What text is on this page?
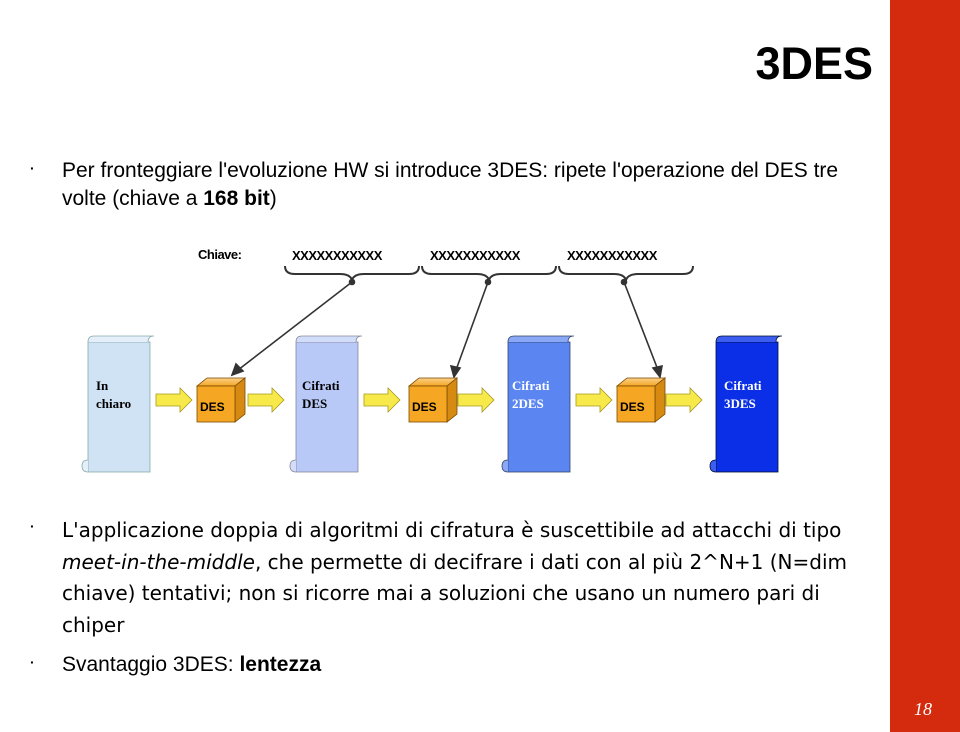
18
3DES
· Per fronteggiare l'evoluzione HW si introduce 3DES: ripete l'operazione del DES tre volte (chiave a 168 bit)
Chiave:	XXXXXXXXXXX	XXXXXXXXXXX	XXXXXXXXXXX
In
chiaro
Cifrati
DES
Cifrati
2DES
Cifrati
3DES
DES	DES	DES
· L'applicazione doppia di algoritmi di cifratura è suscettibile ad attacchi di tipo meet-in-the-middle, che permette di decifrare i dati con al più 2^N+1 (N=dim chiave) tentativi; non si ricorre mai a soluzioni che usano un numero pari di chiper
· Svantaggio 3DES: lentezza
